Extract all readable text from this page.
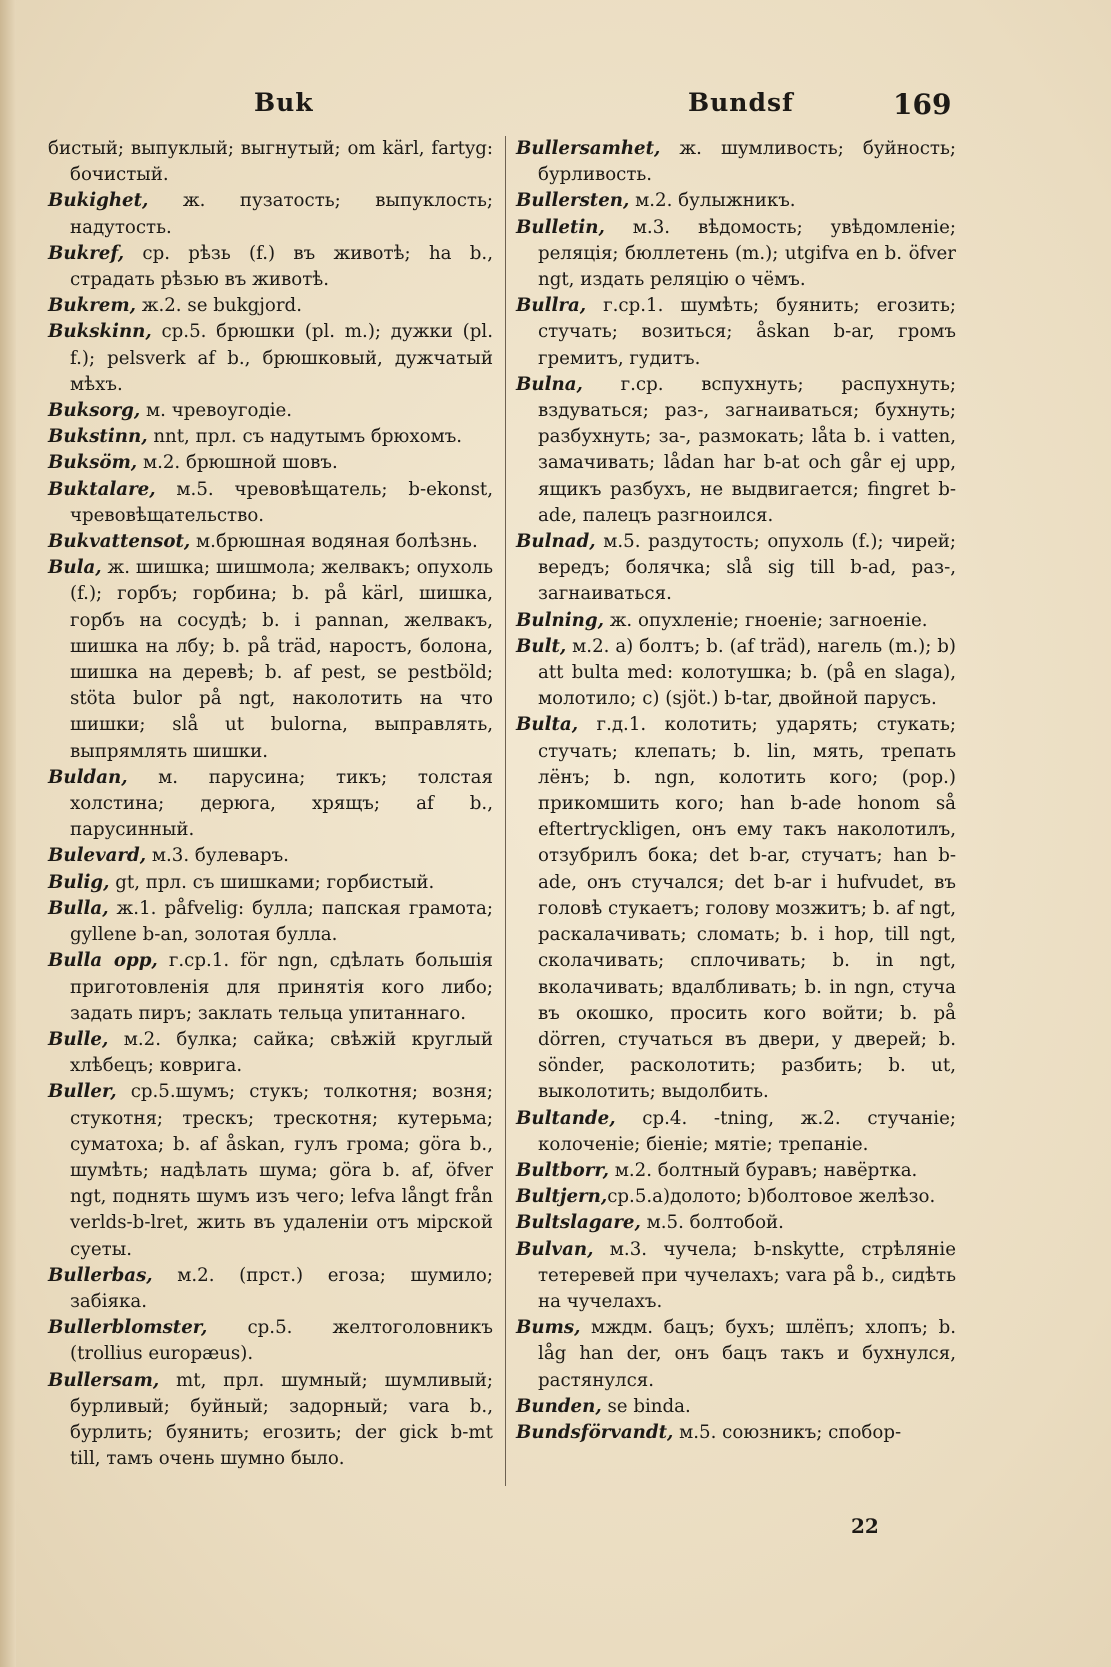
Buk	Bundsf	169

бистый; выпуклый; выгнутый; om kärl, fartyg: бочистый.

Bukighet, ж. пузатость; выпуклость; надутость.

Bukref, ср. рѣзь (f.) въ животѣ; ha b., страдать рѣзью въ животѣ.

Bukrem, ж.2. se bukgjord.

Bukskinn, ср.5. брюшки (pl. m.); дужки (pl. f.); pelsverk af b., брюшковый, дужчатый мѣхъ.

Buksorg, м. чревоугодіе.

Bukstinn, nnt, прл. съ надутымъ брюхомъ.

Buksöm, м.2. брюшной шовъ.

Buktalare, м.5. чревовѣщатель; b-ekonst, чревовѣщательство.

Bukvattensot, м.брюшная водяная болѣзнь.

Bula, ж. шишка; шишмола; желвакъ; опухоль (f.); горбъ; горбина; b. på kärl, шишка, горбъ на сосудѣ; b. i pannan, желвакъ, шишка на лбу; b. på träd, наростъ, болона, шишка на деревѣ; b. af pest, se pestböld; stöta bulor på ngt, наколотить на что шишки; slå ut bulorna, выправлять, выпрямлять шишки.

Buldan, м. парусина; тикъ; толстая холстина; дерюга, хрящъ; af b., парусинный.

Bulevard, м.3. булеваръ.

Bulig, gt, прл. съ шишками; горбистый.

Bulla, ж.1. påfvelig: булла; папская грамота; gyllene b-an, золотая булла.

Bulla opp, г.ср.1. för ngn, сдѣлать большія приготовленія для принятія кого либо; задать пиръ; заклать тельца упитаннаго.

Bulle, м.2. булка; сайка; свѣжій круглый хлѣбецъ; коврига.

Buller, ср.5.шумъ; стукъ; толкотня; возня; стукотня; трескъ; трескотня; кутерьма; суматоха; b. af åskan, гулъ грома; göra b., шумѣть; надѣлать шума; göra b. af, öfver ngt, поднять шумъ изъ чего; lefva långt från verlds-b-lret, жить въ удаленіи отъ мірской суеты.

Bullerbas, м.2. (прст.) егоза; шумило; забіяка.

Bullerblomster, ср.5. желтоголовникъ (trollius europæus).

Bullersam, mt, прл. шумный; шумливый; бурливый; буйный; задорный; vara b., бурлить; буянить; егозить; der gick b-mt till, тамъ очень шумно было.

Bullersamhet, ж. шумливость; буйность; бурливость.

Bullersten, м.2. булыжникъ.

Bulletin, м.3. вѣдомость; увѣдомленіе; реляція; бюллетень (m.); utgifva en b. öfver ngt, издать реляцію о чёмъ.

Bullra, г.ср.1. шумѣть; буянить; егозить; стучать; возиться; åskan b-ar, громъ гремитъ, гудитъ.

Bulna, г.ср. вспухнуть; распухнуть; вздуваться; раз-, загнаиваться; бухнуть; разбухнуть; за-, размокать; låta b. i vatten, замачивать; lådan har b-at och går ej upp, ящикъ разбухъ, не выдвигается; fingret b-ade, палецъ разгноился.

Bulnad, м.5. раздутость; опухоль (f.); чирей; вередъ; болячка; slå sig till b-ad, раз-, загнаиваться.

Bulning, ж. опухленіе; гноеніе; загноеніе.

Bult, м.2. a) болтъ; b. (af träd), нагель (m.); b) att bulta med: колотушка; b. (på en slaga), молотило; c) (sjöt.) b-tar, двойной парусъ.

Bulta, г.д.1. колотить; ударять; стукать; стучать; клепать; b. lin, мять, трепать лёнъ; b. ngn, колотить кого; (pop.) прикомшить кого; han b-ade honom så eftertryckligen, онъ ему такъ наколотилъ, отзубрилъ бока; det b-ar, стучатъ; han b-ade, онъ стучался; det b-ar i hufvudet, въ головѣ стукаетъ; голову мозжитъ; b. af ngt, раскалачивать; сломать; b. i hop, till ngt, сколачивать; сплочивать; b. in ngt, вколачивать; вдалбливать; b. in ngn, стуча въ окошко, просить кого войти; b. på dörren, стучаться въ двери, у дверей; b. sönder, расколотить; разбить; b. ut, выколотить; выдолбить.

Bultande, ср.4. -tning, ж.2. стучаніе; колоченіе; біеніе; мятіе; трепаніе.

Bultborr, м.2. болтный буравъ; навёртка.

Bultjern,ср.5.a)долото; b)болтовое желѣзо.

Bultslagare, м.5. болтобой.

Bulvan, м.3. чучела; b-nskytte, стрѣляніе тетеревей при чучелахъ; vara på b., сидѣть на чучелахъ.

Bums, мждм. бацъ; бухъ; шлёпъ; хлопъ; b. låg han der, онъ бацъ такъ и бухнулся, растянулся.

Bunden, se binda.

Bundsförvandt, м.5. союзникъ; спобор-

22
